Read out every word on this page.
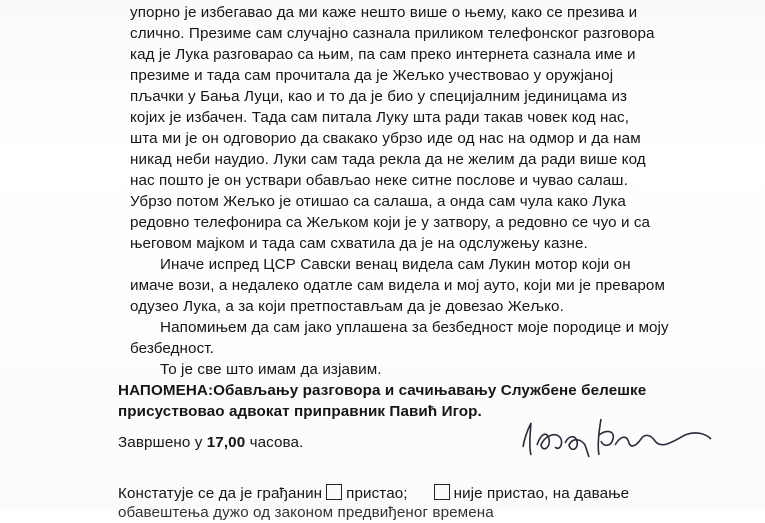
упорно је избегавао да ми каже нешто више о њему, како се презива и
слично. Презиме сам случајно сазнала приликом телефонског разговора
кад је Лука разговарао са њим, па сам преко интернета сазнала име и
презиме и тада сам прочитала да је Жељко учествовао у оружјаној
пљачки у Бања Луци, као и то да је био у специјалним јединицама из
којих је избачен. Тада сам питала Луку шта ради такав човек код нас,
шта ми је он одговорио да свакако убрзо иде од нас на одмор и да нам
никад неби наудио. Луки сам тада рекла да не желим да ради више код
нас пошто је он уствари обављао неке ситне послове и чувао салаш.
Убрзо потом Жељко је отишао са салаша, а онда сам чула како Лука
редовно телефонира са Жељком који је у затвору, а редовно се чуо и са
његовом мајком и тада сам схватила да је на одслужењу казне.
Иначе испред ЦСР Савски венац видела сам Лукин мотор који он
имаче вози, а недалеко одатле сам видела и мој ауто, који ми је преваром
одузео Лука, а за који претпостављам да је довезао Жељко.
Напомињем да сам јако уплашена за безбедност моје породице и мојy
безбедност.
То је све што имам да изјавим.
НАПОМЕНА:Обављању разговора и сачињавању Службене белешке
присуствовао адвокат приправник Павић Игор.
Завршено у 17,00 часова.
Констатује се да је грађанин пристао;	није пристао, на давање
обавештења дужо од законом предвиђеног времена
